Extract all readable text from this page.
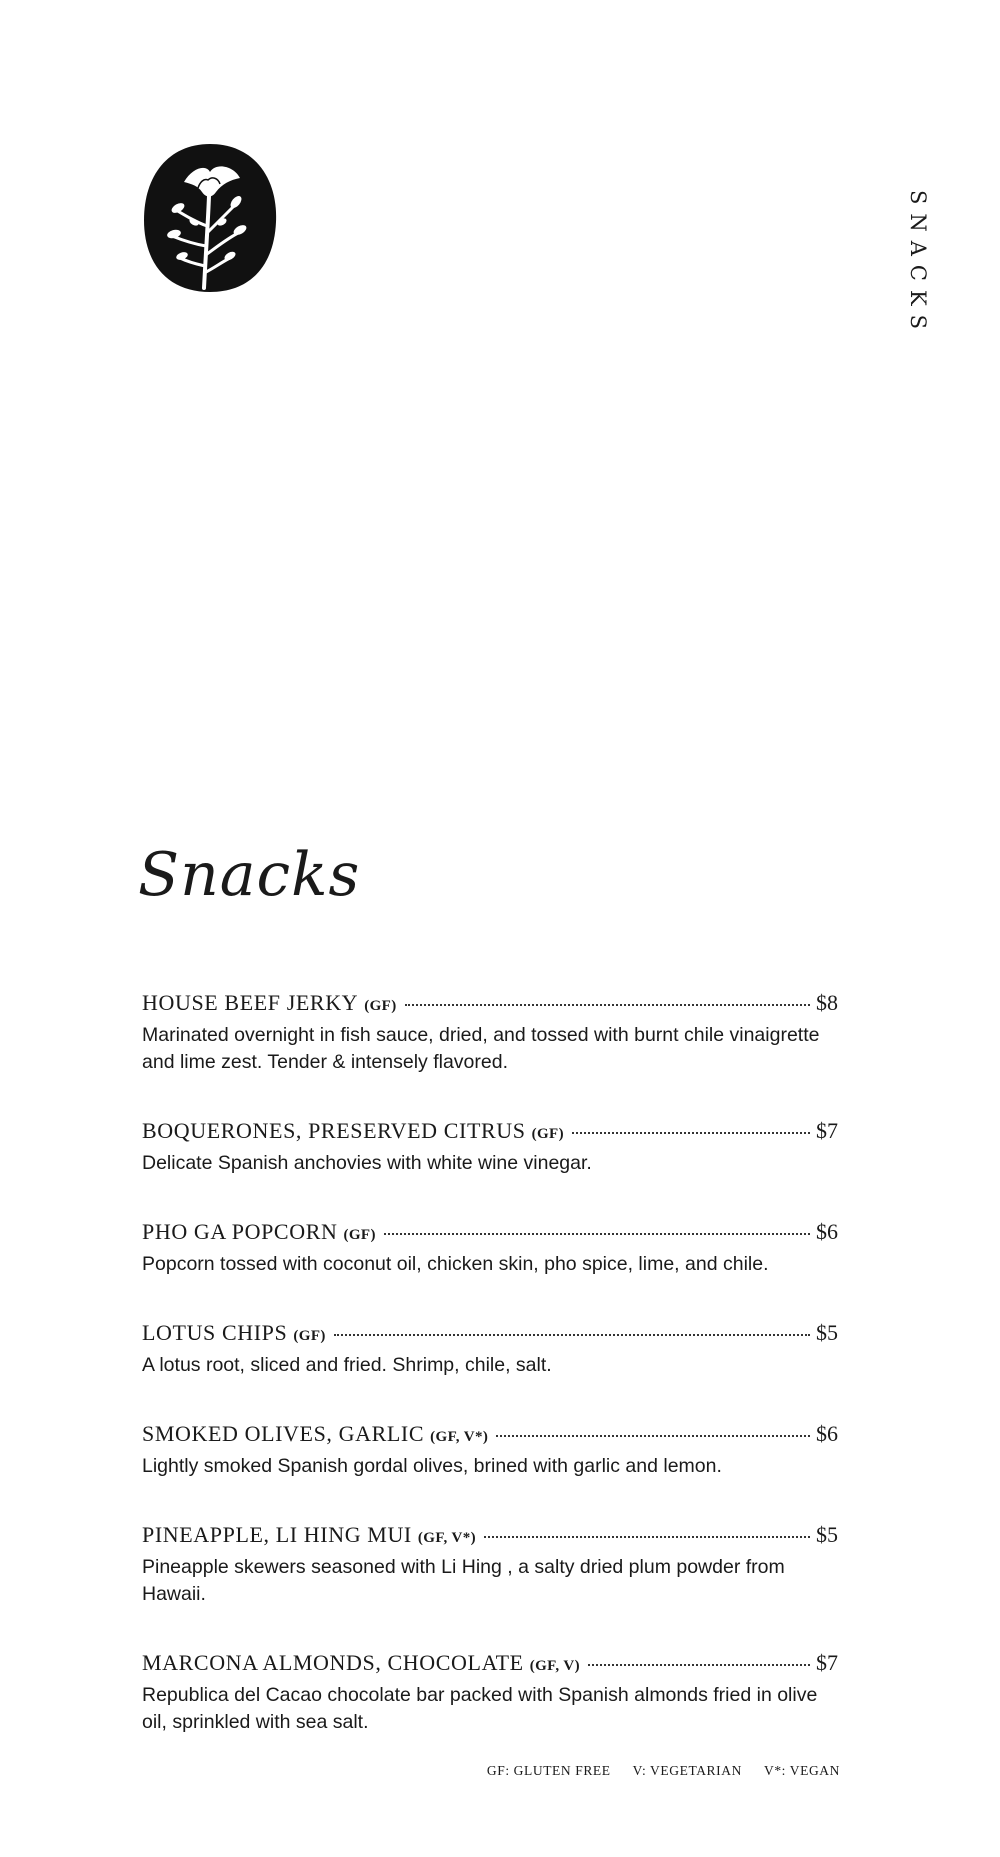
SNACKS
Snacks
HOUSE BEEF JERKY (GF)	$8
Marinated overnight in fish sauce, dried, and tossed with burnt chile vinaigrette and lime zest. Tender & intensely flavored.
BOQUERONES, PRESERVED CITRUS (GF)	$7
Delicate Spanish anchovies with white wine vinegar.
PHO GA POPCORN (GF)	$6
Popcorn tossed with coconut oil, chicken skin, pho spice, lime, and chile.
LOTUS CHIPS (GF)	$5
A lotus root, sliced and fried. Shrimp, chile, salt.
SMOKED OLIVES, GARLIC (GF, V*)	$6
Lightly smoked Spanish gordal olives, brined with garlic and lemon.
PINEAPPLE, LI HING MUI (GF, V*)	$5
Pineapple skewers seasoned with Li Hing , a salty dried plum powder from Hawaii.
MARCONA ALMONDS, CHOCOLATE (GF, V)	$7
Republica del Cacao chocolate bar packed with Spanish almonds fried in olive oil, sprinkled with sea salt.
GF: GLUTEN FREE V: VEGETARIAN V*: VEGAN
